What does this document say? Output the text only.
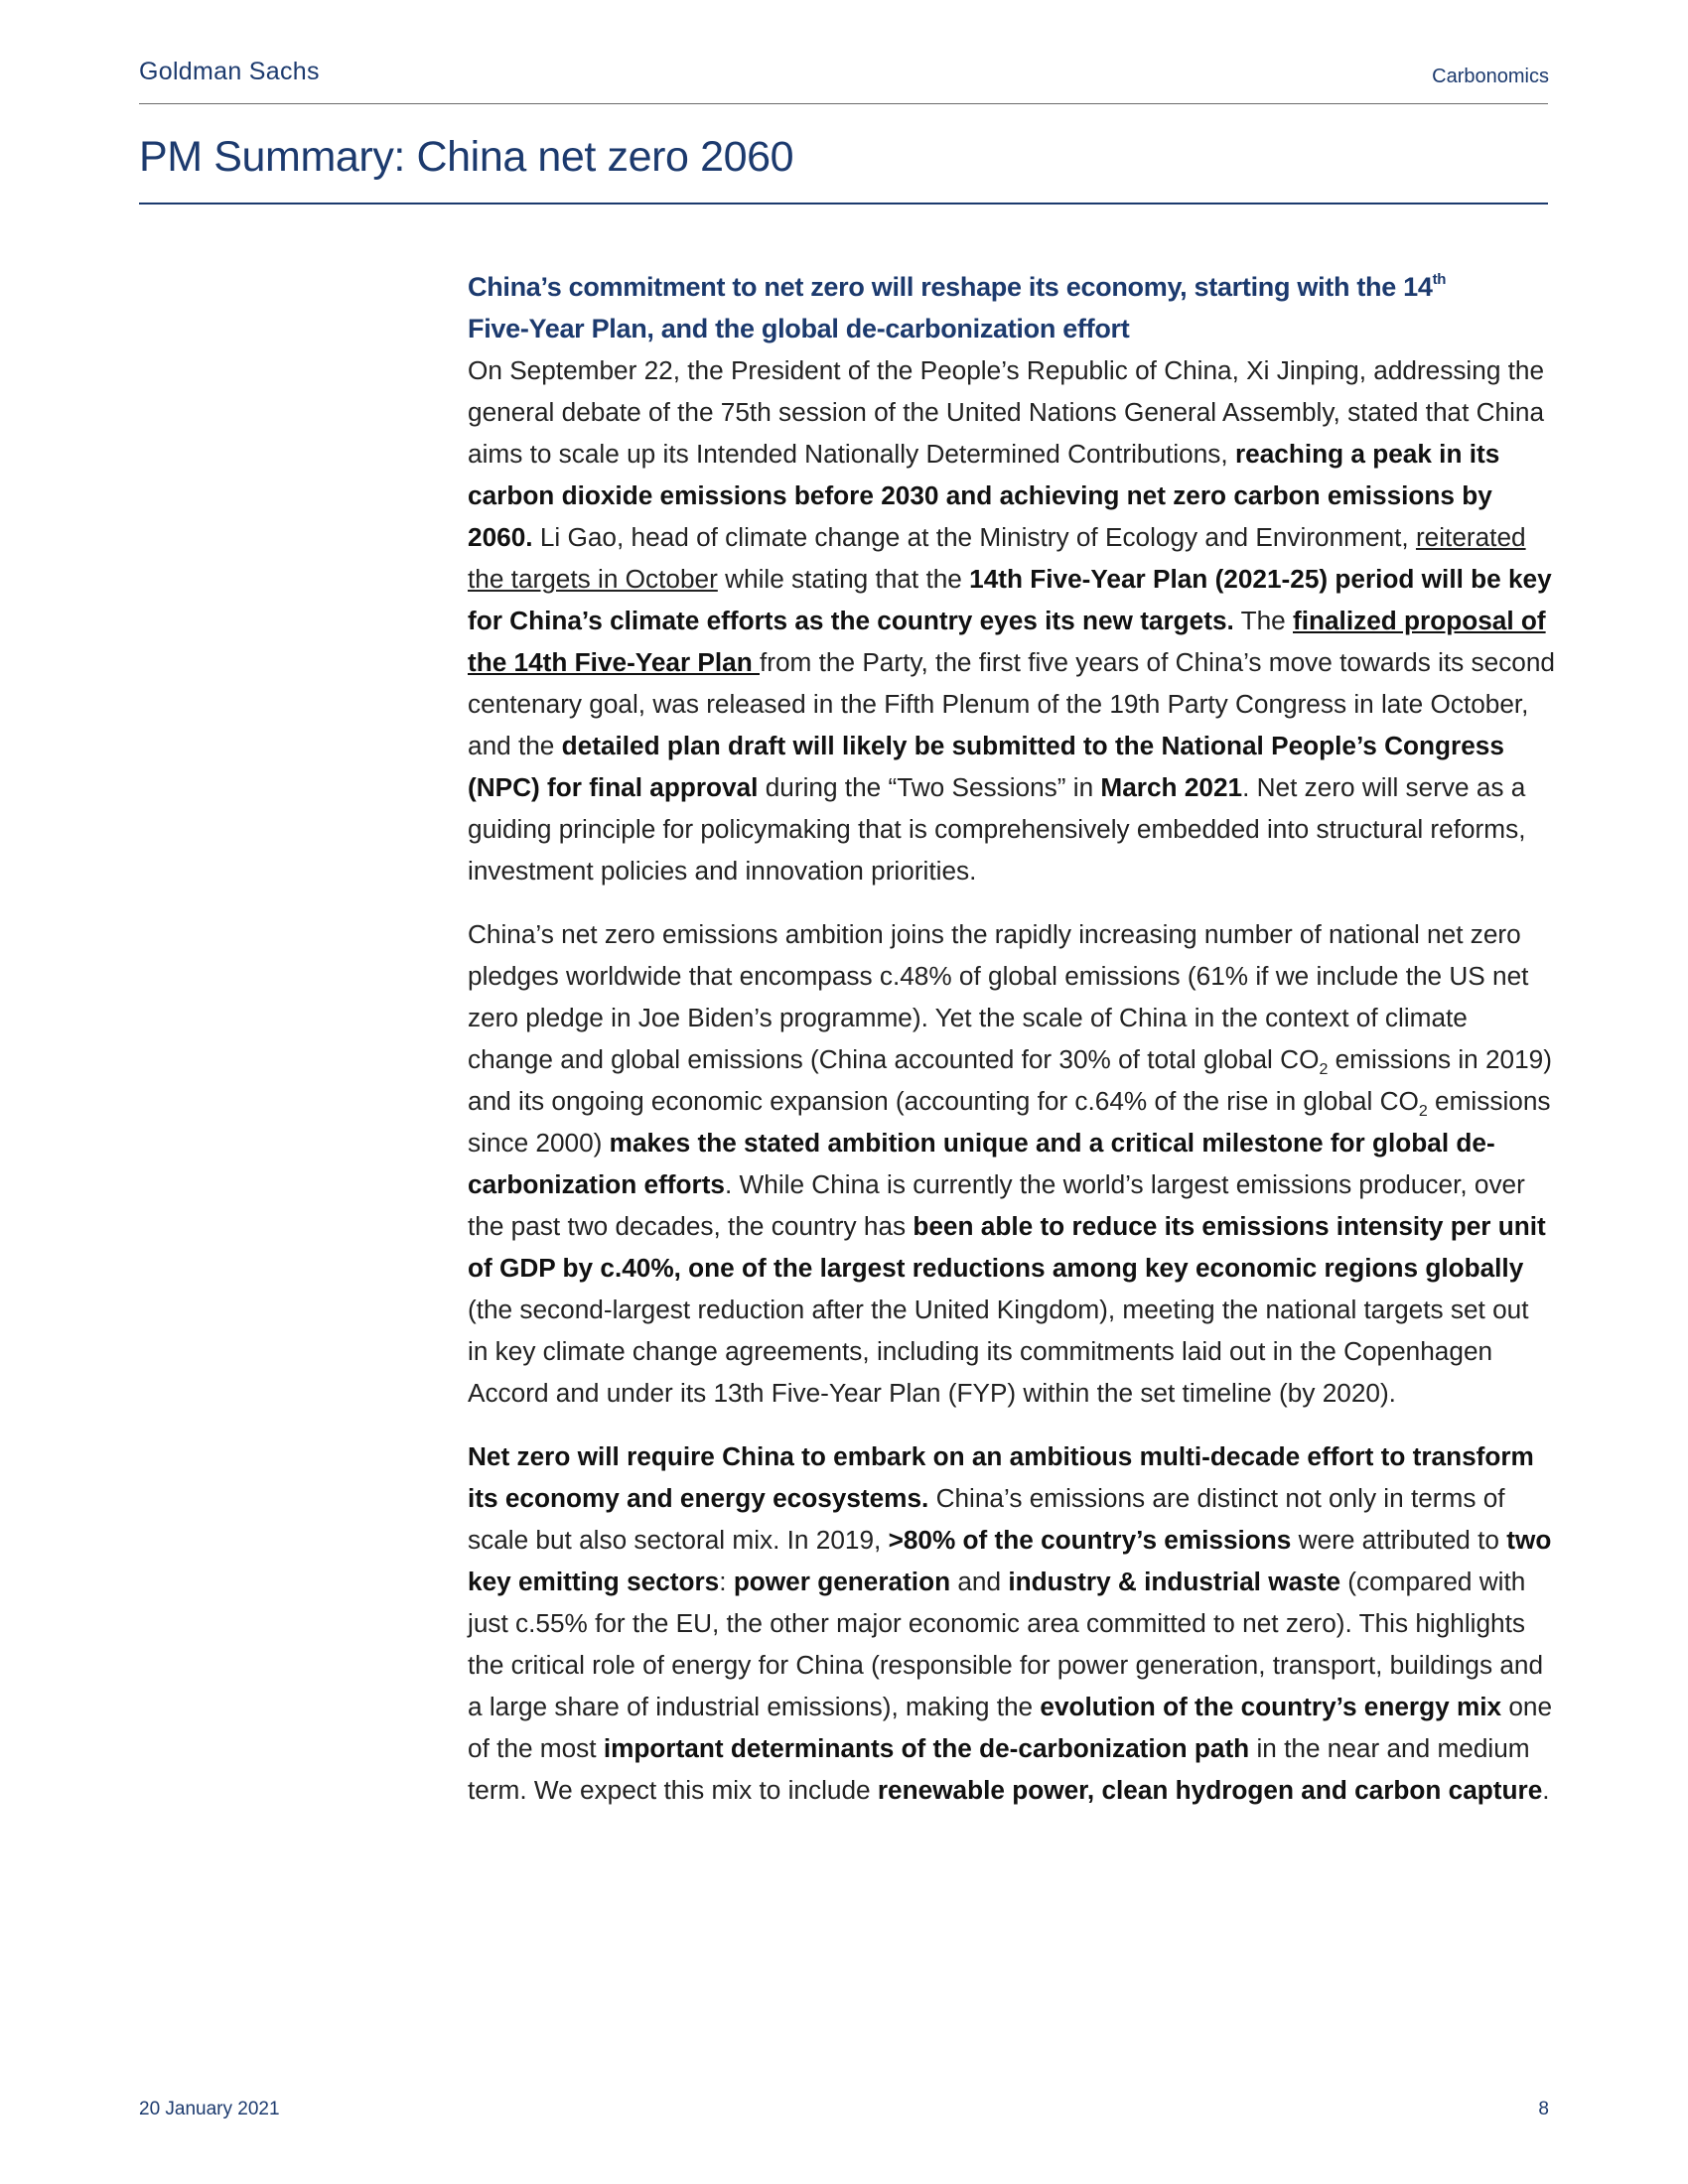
Goldman Sachs	Carbonomics
PM Summary: China net zero 2060
China’s commitment to net zero will reshape its economy, starting with the 14th
Five-Year Plan, and the global de-carbonization effort

On September 22, the President of the People’s Republic of China, Xi Jinping, addressing the general debate of the 75th session of the United Nations General Assembly, stated that China aims to scale up its Intended Nationally Determined Contributions, reaching a peak in its carbon dioxide emissions before 2030 and achieving net zero carbon emissions by 2060. Li Gao, head of climate change at the Ministry of Ecology and Environment, reiterated the targets in October while stating that the 14th Five-Year Plan (2021-25) period will be key for China’s climate efforts as the country eyes its new targets. The finalized proposal of the 14th Five-Year Plan from the Party, the first five years of China’s move towards its second centenary goal, was released in the Fifth Plenum of the 19th Party Congress in late October, and the detailed plan draft will likely be submitted to the National People’s Congress (NPC) for final approval during the “Two Sessions” in March 2021. Net zero will serve as a guiding principle for policymaking that is comprehensively embedded into structural reforms, investment policies and innovation priorities.

China’s net zero emissions ambition joins the rapidly increasing number of national net zero pledges worldwide that encompass c.48% of global emissions (61% if we include the US net zero pledge in Joe Biden’s programme). Yet the scale of China in the context of climate change and global emissions (China accounted for 30% of total global $CO_2$ emissions in 2019) and its ongoing economic expansion (accounting for c.64% of the rise in global $CO_2$ emissions since 2000) makes the stated ambition unique and a critical milestone for global de-carbonization efforts. While China is currently the world’s largest emissions producer, over the past two decades, the country has been able to reduce its emissions intensity per unit of GDP by c.40%, one of the largest reductions among key economic regions globally (the second-largest reduction after the United Kingdom), meeting the national targets set out in key climate change agreements, including its commitments laid out in the Copenhagen Accord and under its 13th Five-Year Plan (FYP) within the set timeline (by 2020).

Net zero will require China to embark on an ambitious multi-decade effort to transform its economy and energy ecosystems. China’s emissions are distinct not only in terms of scale but also sectoral mix. In 2019, >80% of the country’s emissions were attributed to two key emitting sectors: power generation and industry & industrial waste (compared with just c.55% for the EU, the other major economic area committed to net zero). This highlights the critical role of energy for China (responsible for power generation, transport, buildings and a large share of industrial emissions), making the evolution of the country’s energy mix one of the most important determinants of the de-carbonization path in the near and medium term. We expect this mix to include renewable power, clean hydrogen and carbon capture.

20 January 2021	8
